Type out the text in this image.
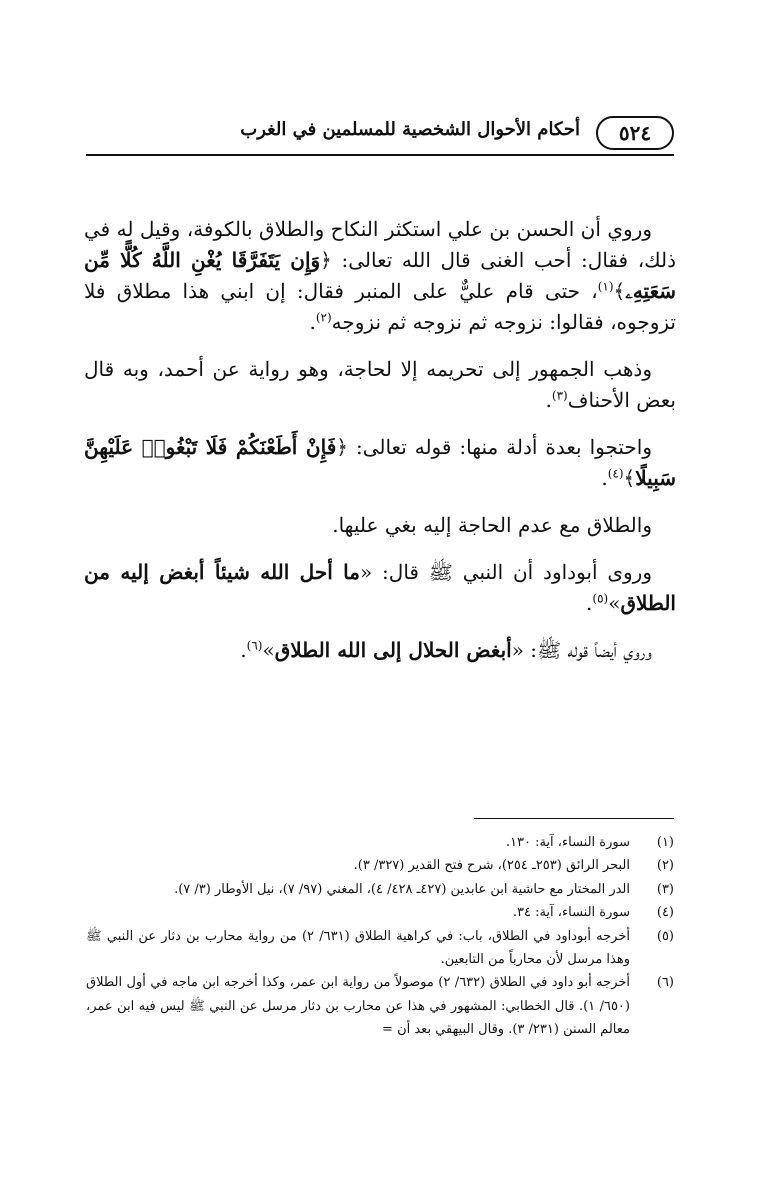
٥٢٤
أحكام الأحوال الشخصية للمسلمين في الغرب

وروي أن الحسن بن علي استكثر النكاح والطلاق بالكوفة، وقيل له في ذلك، فقال: أحب الغنى قال الله تعالى: ﴿وَإِن يَتَفَرَّقَا يُغْنِ اللَّهُ كُلًّا مِّن سَعَتِهِۦ﴾$^{(١)}$، حتى قام عليٌّ على المنبر فقال: إن ابني هذا مطلاق فلا تزوجوه، فقالوا: نزوجه ثم نزوجه ثم نزوجه$^{(٢)}$.

وذهب الجمهور إلى تحريمه إلا لحاجة، وهو رواية عن أحمد، وبه قال بعض الأحناف$^{(٣)}$.

واحتجوا بعدة أدلة منها: قوله تعالى: ﴿فَإِنْ أَطَعْنَكُمْ فَلَا تَبْغُوا۟ عَلَيْهِنَّ سَبِيلًا﴾$^{(٤)}$.

والطلاق مع عدم الحاجة إليه بغي عليها.

وروى أبوداود أن النبي ﷺ قال: «ما أحل الله شيئاً أبغض إليه من الطلاق»$^{(٥)}$.

وروي أيضاً قوله ﷺ: «أبغض الحلال إلى الله الطلاق»$^{(٦)}$.

(١)
سورة النساء، آية: ١٣٠.
(٢)
البحر الرائق (٢٥٣ـ ٢٥٤)، شرح فتح القدير (٣٢٧/ ٣).
(٣)
الدر المختار مع حاشية ابن عابدين (٤٢٧ـ ٤٢٨/ ٤)، المغني (٩٧/ ٧)، نيل الأوطار (٣/ ٧).
(٤)
سورة النساء، آية: ٣٤.
(٥)
أخرجه أبوداود في الطلاق، باب: في كراهية الطلاق (٦٣١/ ٢) من رواية محارب بن دثار عن النبي ﷺ وهذا مرسل لأن محارباً من التابعين.
(٦)
أخرجه أبو داود في الطلاق (٦٣٢/ ٢) موصولاً من رواية ابن عمر، وكذا أخرجه ابن ماجه في أول الطلاق (٦٥٠/ ١). قال الخطابي: المشهور في هذا عن محارب بن دثار مرسل عن النبي ﷺ ليس فيه ابن عمر، معالم السنن (٢٣١/ ٣). وقال البيهقي بعد أن =
